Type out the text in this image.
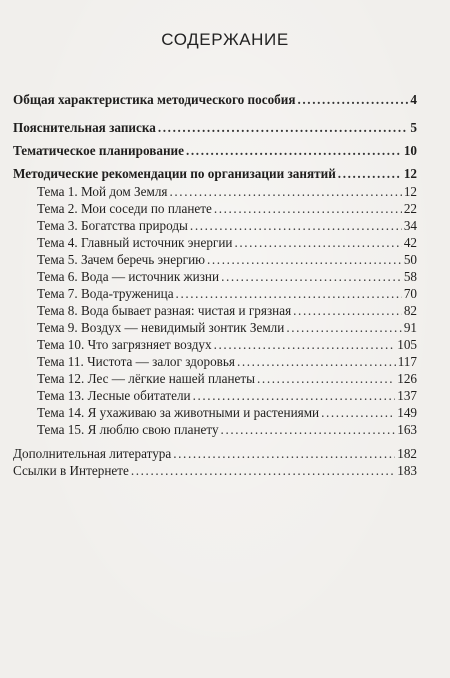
СОДЕРЖАНИЕ
Общая характеристика методического пособия .....	4
Пояснительная записка .....	5
Тематическое планирование .....	10
Методические рекомендации по организации занятий .....	12
Тема 1. Мой дом Земля .....	12
Тема 2. Мои соседи по планете .....	22
Тема 3. Богатства природы .....	34
Тема 4. Главный источник энергии .....	42
Тема 5. Зачем беречь энергию .....	50
Тема 6. Вода — источник жизни .....	58
Тема 7. Вода-труженица .....	70
Тема 8. Вода бывает разная: чистая и грязная .....	82
Тема 9. Воздух — невидимый зонтик Земли .....	91
Тема 10. Что загрязняет воздух .....	105
Тема 11. Чистота — залог здоровья .....	117
Тема 12. Лес — лёгкие нашей планеты .....	126
Тема 13. Лесные обитатели .....	137
Тема 14. Я ухаживаю за животными и растениями .....	149
Тема 15. Я люблю свою планету .....	163
Дополнительная литература .....	182
Ссылки в Интернете .....	183
